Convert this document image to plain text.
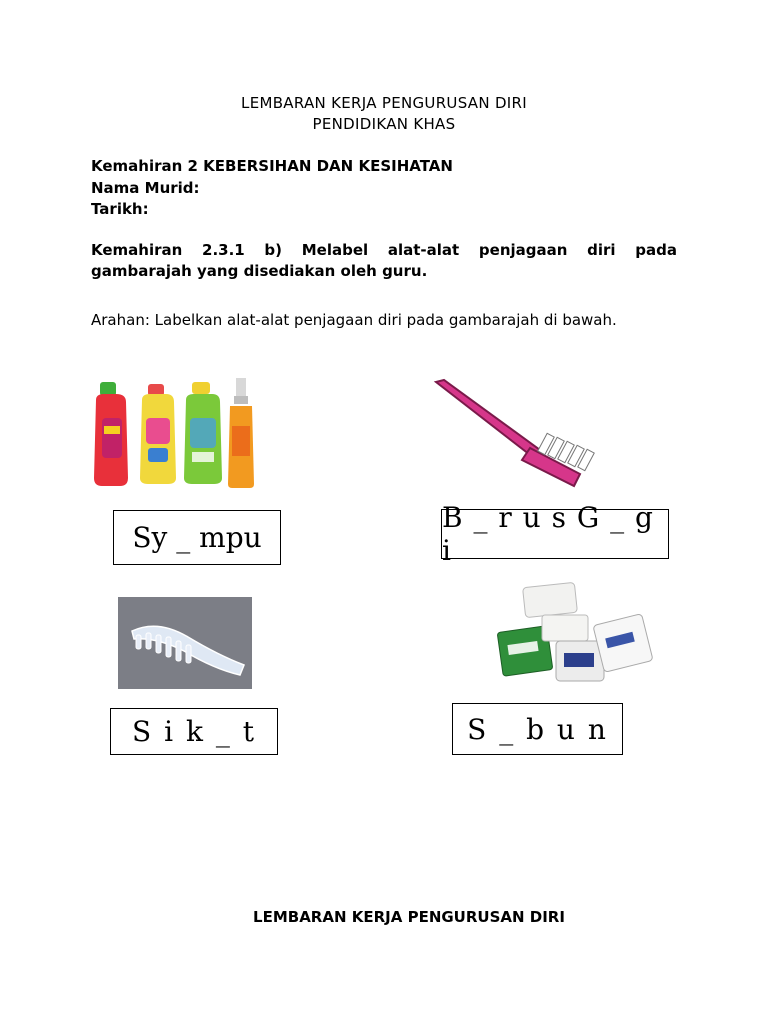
LEMBARAN KERJA PENGURUSAN DIRI
PENDIDIKAN KHAS
Kemahiran 2 KEBERSIHAN DAN KESIHATAN
Nama Murid:
Tarikh:
Kemahiran 2.3.1 b) Melabel alat-alat penjagaan diri pada
gambarajah yang disediakan oleh guru.
Arahan: Labelkan alat-alat penjagaan diri pada gambarajah di bawah.
Sy _ mpu
B _ r u s G _ g i
S i k _ t	S _ b u n
LEMBARAN KERJA PENGURUSAN DIRI
